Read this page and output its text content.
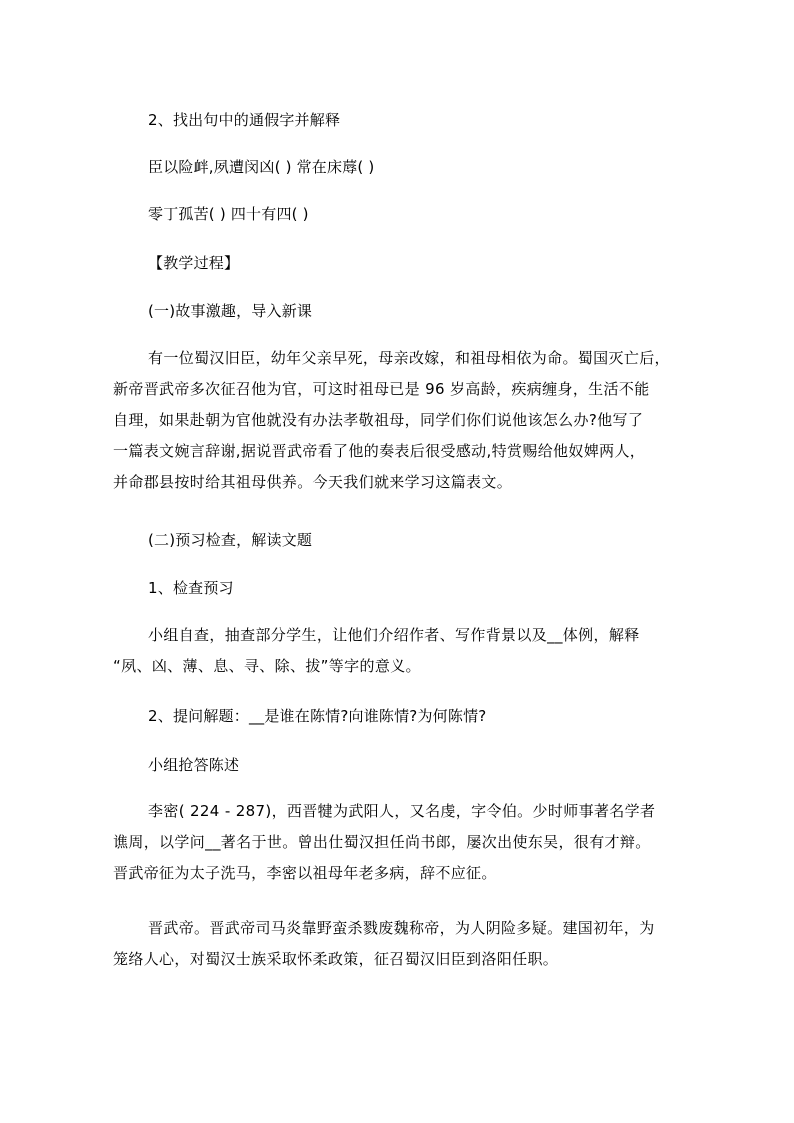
2、找出句中的通假字并解释
臣以险衅,夙遭闵凶( ) 常在床蓐( )
零丁孤苦( ) 四十有四( )
【教学过程】
(一)故事激趣，导入新课
有一位蜀汉旧臣，幼年父亲早死，母亲改嫁，和祖母相依为命。蜀国灭亡后，
新帝晋武帝多次征召他为官，可这时祖母已是 96 岁高龄，疾病缠身，生活不能
自理，如果赴朝为官他就没有办法孝敬祖母，同学们你们说他该怎么办?他写了
一篇表文婉言辞谢,据说晋武帝看了他的奏表后很受感动,特赏赐给他奴婢两人，
并命郡县按时给其祖母供养。今天我们就来学习这篇表文。
(二)预习检查，解读文题
1、检查预习
小组自查，抽查部分学生，让他们介绍作者、写作背景以及__体例，解释
“夙、凶、薄、息、寻、除、拔”等字的意义。
2、提问解题：__是谁在陈情?向谁陈情?为何陈情?
小组抢答陈述
李密( 224 - 287)，西晋犍为武阳人，又名虔，字令伯。少时师事著名学者
谯周，以学问__著名于世。曾出仕蜀汉担任尚书郎，屡次出使东吴，很有才辩。
晋武帝征为太子洗马，李密以祖母年老多病，辞不应征。
晋武帝。晋武帝司马炎靠野蛮杀戮废魏称帝，为人阴险多疑。建国初年，为
笼络人心，对蜀汉士族采取怀柔政策，征召蜀汉旧臣到洛阳任职。
